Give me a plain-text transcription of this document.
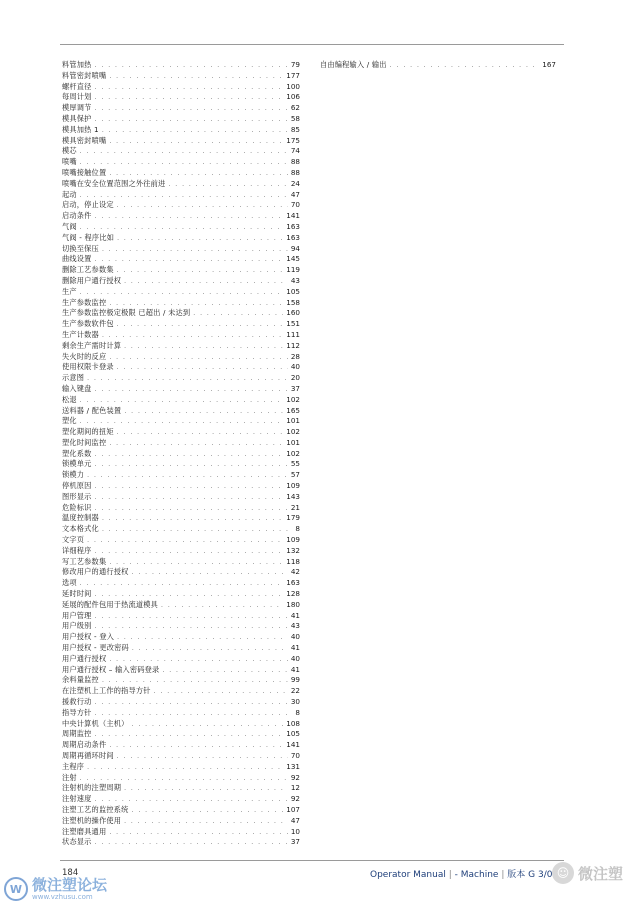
料管加热 . . .	79
料管密封喷嘴 . . .	177
螺杆直径 . . .	100
每周计划 . . .	106
模厚调节 . . .	62
模具保护 . . .	58
模具加热 1 . . .	85
模具密封喷嘴 . . .	175
模芯 . . .	74
喷嘴 . . .	88
喷嘴接触位置 . . .	88
喷嘴在安全位置范围之外往前进 . . .	24
起动 . . .	47
启动，停止设定 . . .	70
启动条件 . . .	141
气阀 . . .	163
气阀 - 程序比如 . . .	163
切换至保压 . . .	94
曲线设置 . . .	145
删除工艺参数集 . . .	119
删除用户通行授权 . . .	43
生产 . . .	105
生产参数监控 . . .	158
生产参数监控极定极限 已超出 / 未达到 . . .	160
生产参数软件包 . . .	151
生产计数器 . . .	111
剩余生产需时计算 . . .	112
失火时的反应 . . .	28
使用权限卡登录 . . .	40
示意图 . . .	20
输入键盘 . . .	37
松退 . . .	102
送料器 / 配色装置 . . .	165
塑化 . . .	101
塑化期间的扭矩 . . .	102
塑化时间监控 . . .	101
塑化系数 . . .	102
锁模单元 . . .	55
锁模力 . . .	57
停机原因 . . .	109
图形显示 . . .	143
危险标识 . . .	21
温度控制器 . . .	179
文本格式化 . . .	8
文字页 . . .	109
详细程序 . . .	132
写工艺参数集 . . .	118
修改用户的通行授权 . . .	42
选项 . . .	163
延时时间 . . .	128
延展的配件包用于热流道模具 . . .	180
用户管理 . . .	41
用户级别 . . .	43
用户授权 - 登入 . . .	40
用户授权 - 更改密码 . . .	41
用户通行授权 . . .	40
用户通行授权 – 输入密码登录 . . .	41
余料量监控 . . .	99
在注塑机上工作的指导方针 . . .	22
援救行动 . . .	30
指导方针 . . .	8
中央计算机（主机） . . .	108
周期监控 . . .	105
周期启动条件 . . .	141
周期再循环时间 . . .	70
主程序 . . .	131
注射 . . .	92
注射机的注塑周期 . . .	12
注射速度 . . .	92
注塑工艺的监控系统 . . .	107
注塑机的操作使用 . . .	47
注塑磨具通用 . . .	10
状态显示 . . .	37
自由编程输入 / 输出 . . .	167
W 微注塑论坛
www.vzhusu.com
184	Operator Manual | - Machine | 版本 G 3/0 ☺ 微注塑
